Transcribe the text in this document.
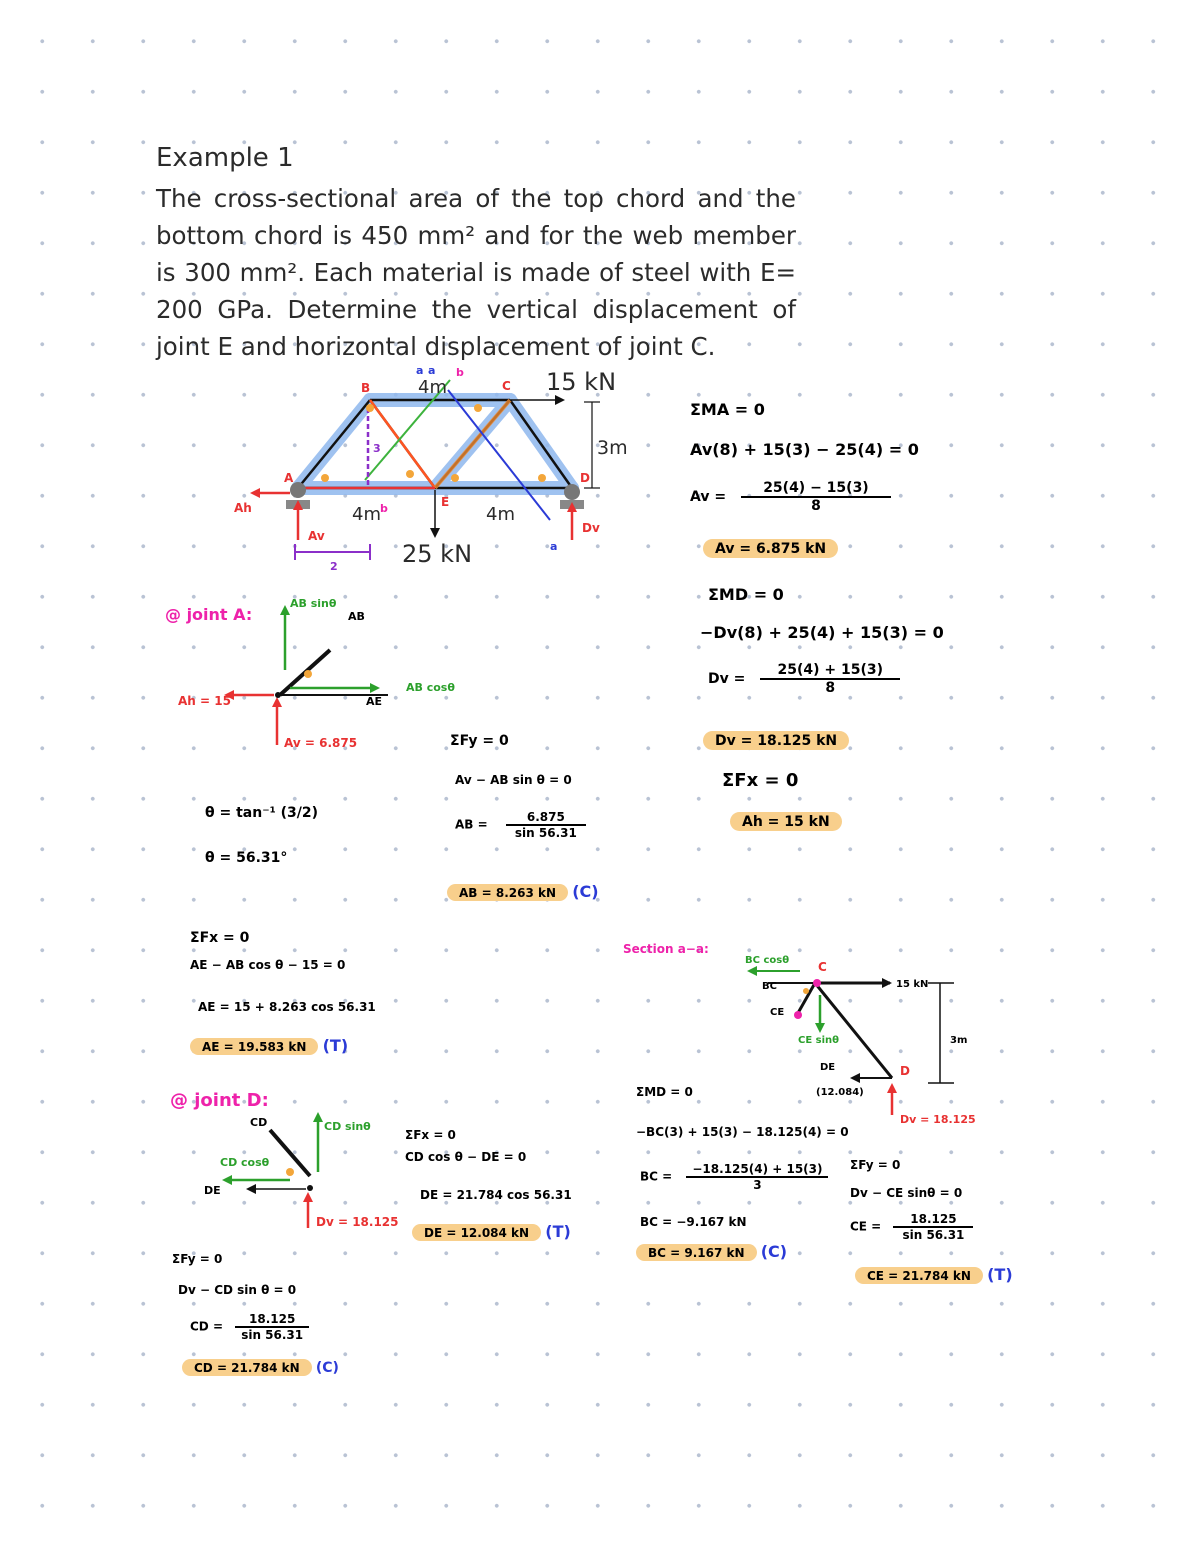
Example 1

The cross-sectional area of the top chord and the bottom chord is 450 mm² and for the web member is 300 mm². Each material is made of steel with E= 200 GPa. Determine the vertical displacement of joint E and horizontal displacement of joint C.

4m	15 kN
3m
4m	4m
25 kN
B	C
A	D
E
Ah
Av
Dv
a
a
a b
b
3
2
ΣMA = 0
Av(8) + 15(3) − 25(4) = 0
$Av = \frac{25(4) - 15(3)}{8}$
Av = 6.875 kN
ΣMD = 0
−Dv(8) + 25(4) + 15(3) = 0
$Dv = \frac{25(4) + 15(3)}{8}$
Dv = 18.125 kN
ΣFx = 0
Ah = 15 kN
@ joint A:
AB sinθ
AB
AB cosθ
AE
Ah = 15
Av = 6.875
θ = tan⁻¹ (3/2)
θ = 56.31°
ΣFy = 0
Av − AB sin θ = 0
AB = $\frac{6.875}{\sin 56.31}$
AB = 8.263 kN (C)
ΣFx = 0
AE − AB cos θ − 15 = 0
AE = 15 + 8.263 cos 56.31
AE = 19.583 kN (T)
@ joint D:
CD	CD sinθ
CD cosθ
DE
Dv = 18.125
ΣFx = 0
CD cos θ − DE = 0
DE = 21.784 cos 56.31
DE = 12.084 kN (T)
ΣFy = 0
Dv − CD sin θ = 0
CD = $\frac{18.125}{\sin 56.31}$
CD = 21.784 kN (C)
Section a−a:
BC cosθ C
BC
CE
CE sinθ
15 kN
3m
DE
(12.084)
D
Dv = 18.125
ΣMD = 0
−BC(3) + 15(3) − 18.125(4) = 0
BC = $\frac{-18.125(4) + 15(3)}{3}$
BC = −9.167 kN
BC = 9.167 kN (C)
ΣFy = 0
Dv − CE sinθ = 0
CE = $\frac{18.125}{\sin 56.31}$
CE = 21.784 kN (T)
